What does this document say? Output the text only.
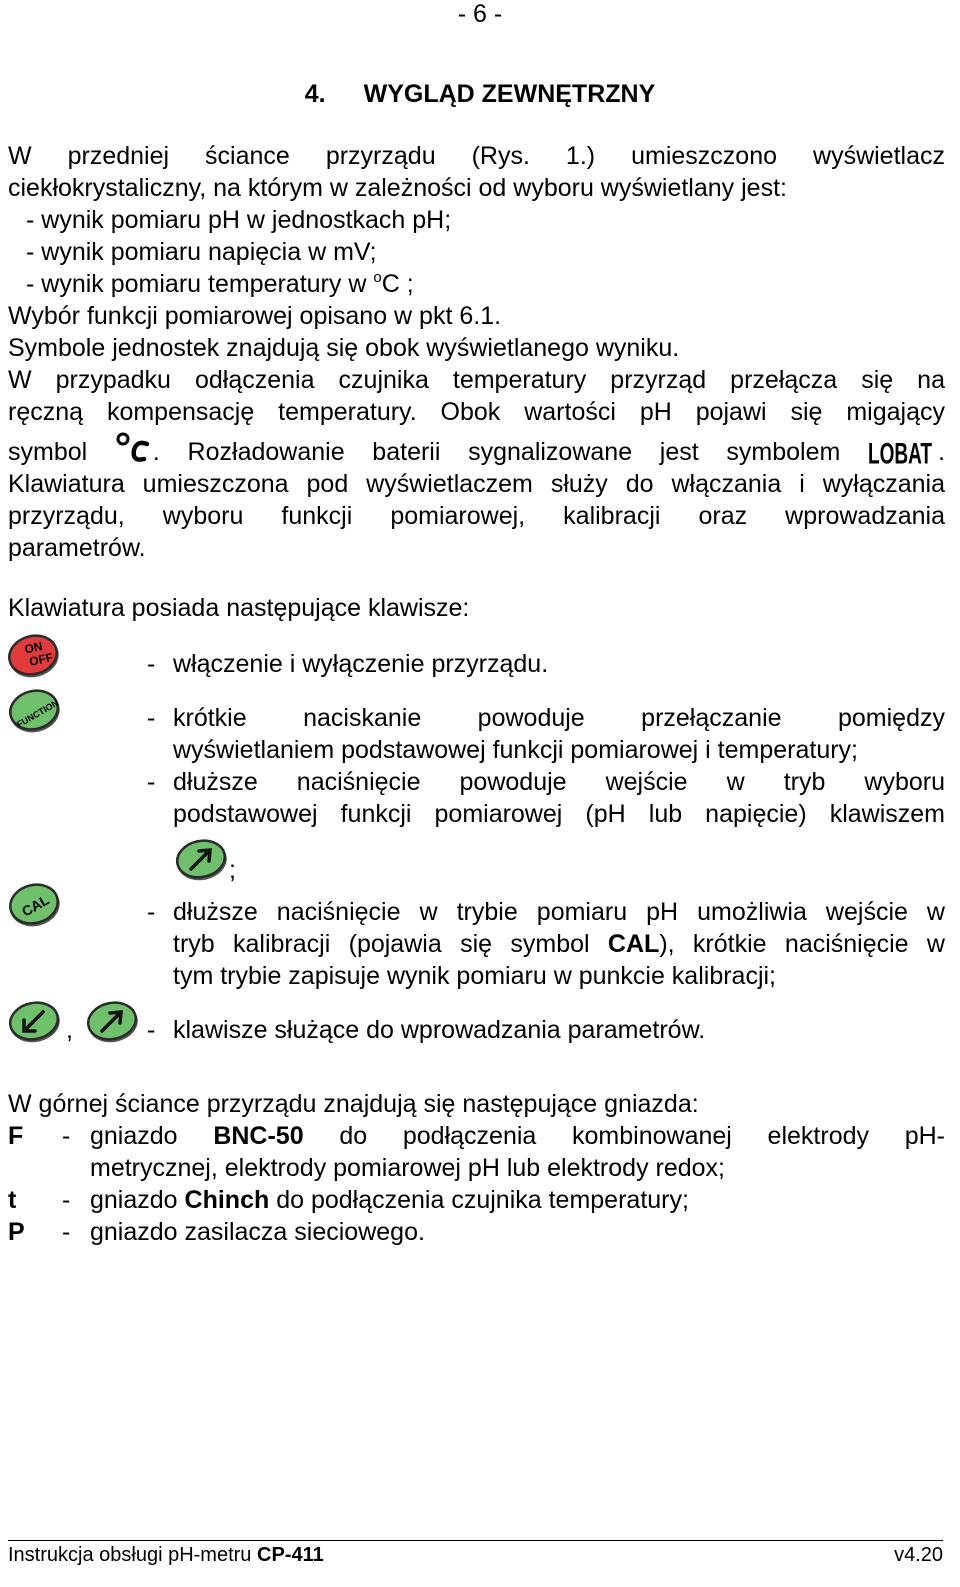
- 6 -
4. WYGLĄD ZEWNĘTRZNY
W przedniej ściance przyrządu (Rys. 1.) umieszczono wyświetlacz
ciekłokrystaliczny, na którym w zależności od wyboru wyświetlany jest:
- wynik pomiaru pH w jednostkach pH;
- wynik pomiaru napięcia w mV;
- wynik pomiaru temperatury w $^o$C ;
Wybór funkcji pomiarowej opisano w pkt 6.1.
Symbole jednostek znajdują się obok wyświetlanego wyniku.
W przypadku odłączenia czujnika temperatury przyrząd przełącza się na
ręczną kompensację temperatury. Obok wartości pH pojawi się migający
symbol	. Rozładowanie baterii sygnalizowane jest symbolem LOBAT .
Klawiatura umieszczona pod wyświetlaczem służy do włączania i wyłączania
przyrządu, wyboru funkcji pomiarowej, kalibracji oraz wprowadzania
parametrów.
Klawiatura posiada następujące klawisze:
ON
OFF	- włączenie i wyłączenie przyrządu.
FUNCTION	- krótkie naciskanie powoduje przełączanie pomiędzy
wyświetlaniem podstawowej funkcji pomiarowej i temperatury;
- dłuższe naciśnięcie powoduje wejście w tryb wyboru
podstawowej funkcji pomiarowej (pH lub napięcie) klawiszem
;
CAL	- dłuższe naciśnięcie w trybie pomiaru pH umożliwia wejście w
tryb kalibracji (pojawia się symbol CAL), krótkie naciśnięcie w
tym trybie zapisuje wynik pomiaru w punkcie kalibracji;
,	- klawisze służące do wprowadzania parametrów.
W górnej ściance przyrządu znajdują się następujące gniazda:
F	- gniazdo BNC-50 do podłączenia kombinowanej elektrody pH-
metrycznej, elektrody pomiarowej pH lub elektrody redox;
t	- gniazdo Chinch do podłączenia czujnika temperatury;
P	- gniazdo zasilacza sieciowego.
Instrukcja obsługi pH-metru CP-411	v4.20
